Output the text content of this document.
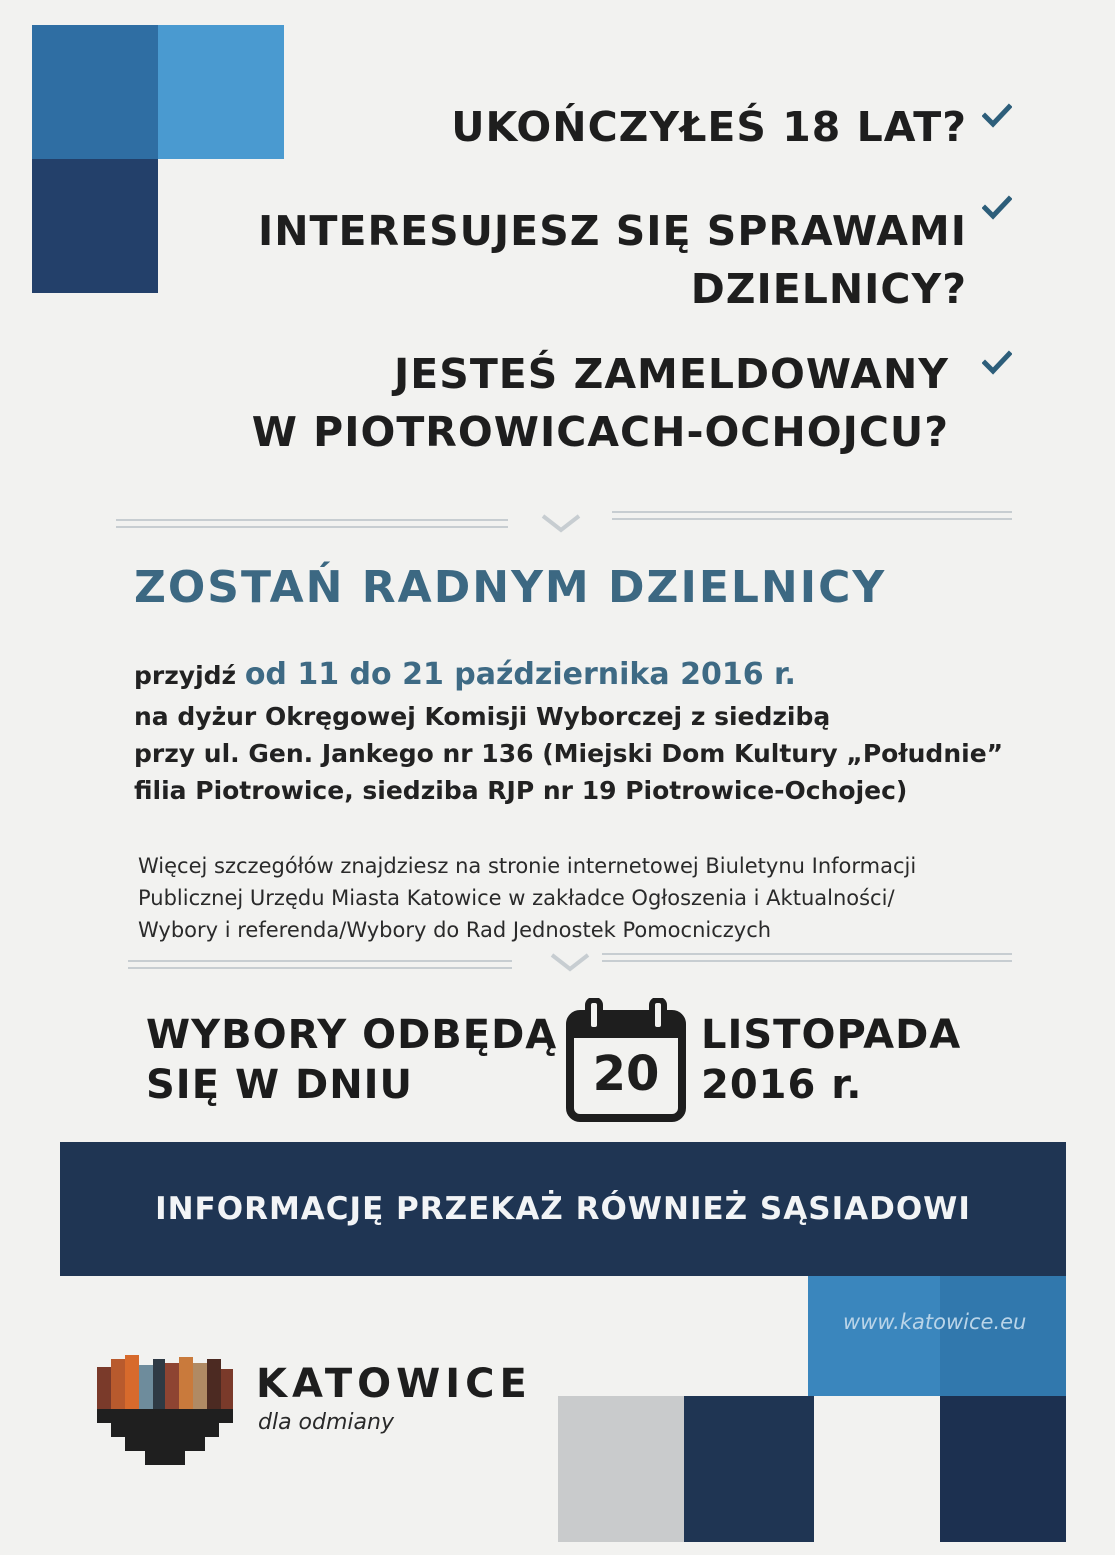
UKOŃCZYŁEŚ 18 LAT?
INTERESUJESZ SIĘ SPRAWAMI
DZIELNICY?
JESTEŚ ZAMELDOWANY
W PIOTROWICACH-OCHOJCU?
ZOSTAŃ RADNYM DZIELNICY
przyjdź od 11 do 21 października 2016 r.
na dyżur Okręgowej Komisji Wyborczej z siedzibą
przy ul. Gen. Jankego nr 136 (Miejski Dom Kultury „Południe”
filia Piotrowice, siedziba RJP nr 19 Piotrowice-Ochojec)
Więcej szczegółów znajdziesz na stronie internetowej Biuletynu Informacji
Publicznej Urzędu Miasta Katowice w zakładce Ogłoszenia i Aktualności/
Wybory i referenda/Wybory do Rad Jednostek Pomocniczych
WYBORY ODBĘDĄ
SIĘ W DNIU	20
LISTOPADA
2016 r.
INFORMACJĘ PRZEKAŻ RÓWNIEŻ SĄSIADOWI
www.katowice.eu
KATOWICE
dla odmiany
